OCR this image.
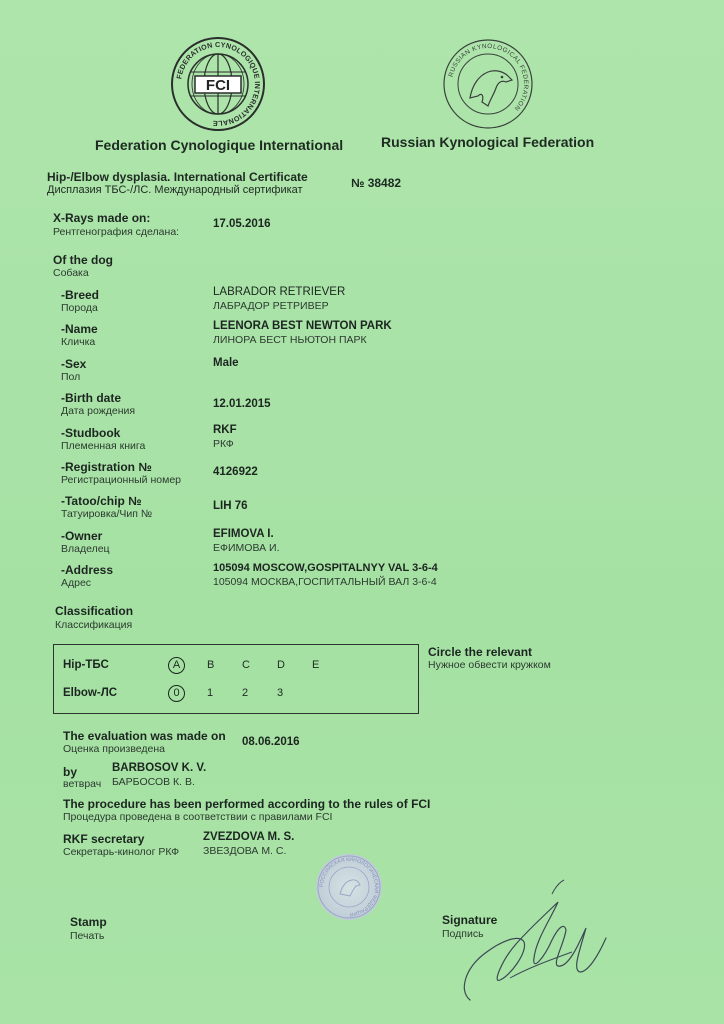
FEDERATION CYNOLOGIQUE INTERNATIONALE
FCI
RUSSIAN KYNOLOGICAL FEDERATION
Federation Cynologique International	Russian Kynological Federation
Hip-/Elbow dysplasia. International Certificate
Дисплазия ТБС-/ЛС. Международный сертификат	№ 38482
X-Rays made on:
Рентгенография сделана:
17.05.2016
Of the dog
Собака
-Breed
Порода
LABRADOR RETRIEVER
ЛАБРАДОР РЕТРИВЕР
-Name
Кличка
LEENORA BEST NEWTON PARK
ЛИНОРА БЕСТ НЬЮТОН ПАРК
-Sex
Пол
Male
-Birth date
Дата рождения
12.01.2015
-Studbook
Племенная книга
RKF
РКФ
-Registration №
Регистрационный номер
4126922
-Tatoo/chip №
Татуировка/Чип №
LIH 76
-Owner
Владелец
EFIMOVA I.
ЕФИМОВА И.
-Address
Адрес
105094 MOSCOW,GOSPITALNYY VAL 3-6-4
105094 МОСКВА,ГОСПИТАЛЬНЫЙ ВАЛ 3-6-4
Classification
Классификация
Hip-ТБС	A	B	C D E
Elbow-ЛС	0	1	2	3
Circle the relevant
Нужное обвести кружком
The evaluation was made on
Оценка произведена
08.06.2016
by
ветврач
BARBOSOV K. V.
БАРБОСОВ К. В.
The procedure has been performed according to the rules of FCI
Процедура проведена в соответствии с правилами FCI
RKF secretary
Секретарь-кинолог РКФ
ZVEZDOVA M. S.
ЗВЕЗДОВА М. С.
РОССИЙСКАЯ КИНОЛОГИЧЕСКАЯ ФЕДЕРАЦИЯ
Stamp
Печать
Signature
Подпись
